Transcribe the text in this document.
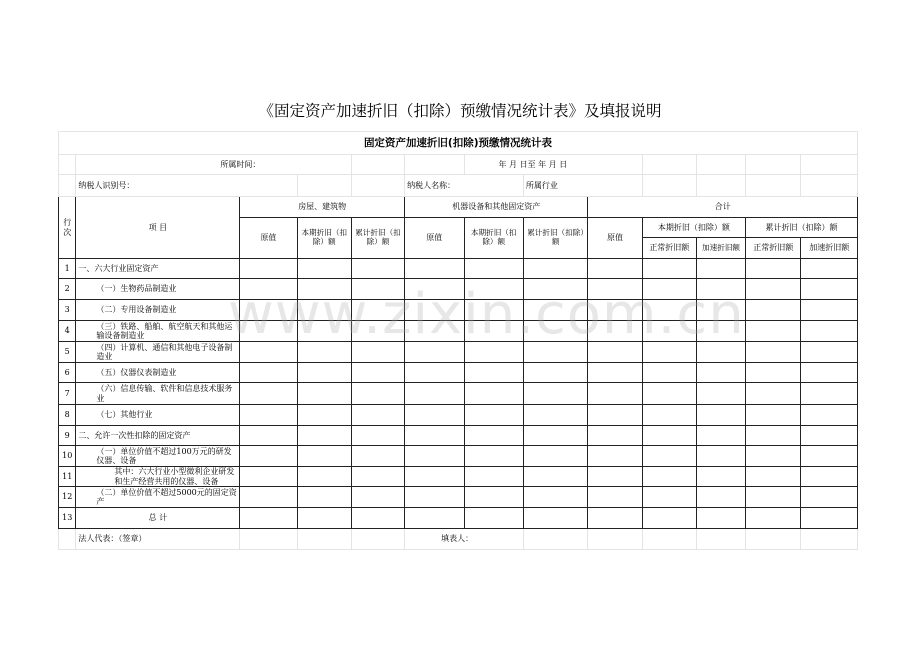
《固定资产加速折旧（扣除）预缴情况统计表》及填报说明
固定资产加速折旧(扣除)预缴情况统计表												
	所属时间：					年 月 日至 年 月 日						
	纳税人识别号：				纳税人名称：		所属行业					
行次	项 目	房屋、建筑物			机器设备和其他固定资产			合计				
		原值	本期折旧（扣除）额	累计折旧（扣除）额	原值	本期折旧（扣除）额	累计折旧（扣除）额	原值	本期折旧（扣除）额		累计折旧（扣除）额	
									正常折旧额	加速折旧额	正常折旧额	加速折旧额
1	一、六大行业固定资产											
2	（一）生物药品制造业											
3	（二）专用设备制造业											
4	（三）铁路、船舶、航空航天和其他运输设备制造业											
5	（四）计算机、通信和其他电子设备制造业											
6	（五）仪器仪表制造业											
7	（六）信息传输、软件和信息技术服务业											
8	（七）其他行业											
9	二、允许一次性扣除的固定资产											
10	（一）单位价值不超过100万元的研发仪器、设备											
11	其中：六大行业小型微利企业研发和生产经营共用的仪器、设备											
12	（二）单位价值不超过5000元的固定资产											
13	总 计											
	法人代表：（签章）				填表人：							
www.zixin.com.cn
